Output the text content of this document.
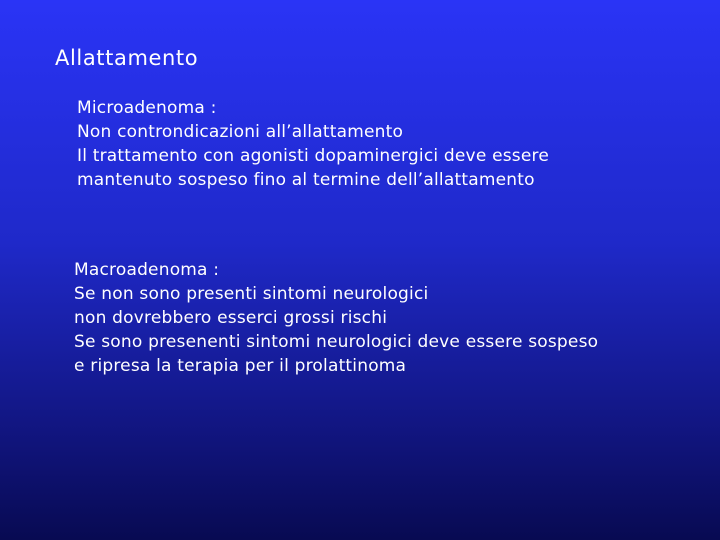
Allattamento
Microadenoma :
Non controndicazioni all’allattamento
Il trattamento con agonisti dopaminergici deve essere
mantenuto sospeso fino al termine dell’allattamento
Macroadenoma :
Se non sono presenti sintomi neurologici
non dovrebbero esserci grossi rischi
Se sono presenenti sintomi neurologici deve essere sospeso
e ripresa la terapia per il prolattinoma
